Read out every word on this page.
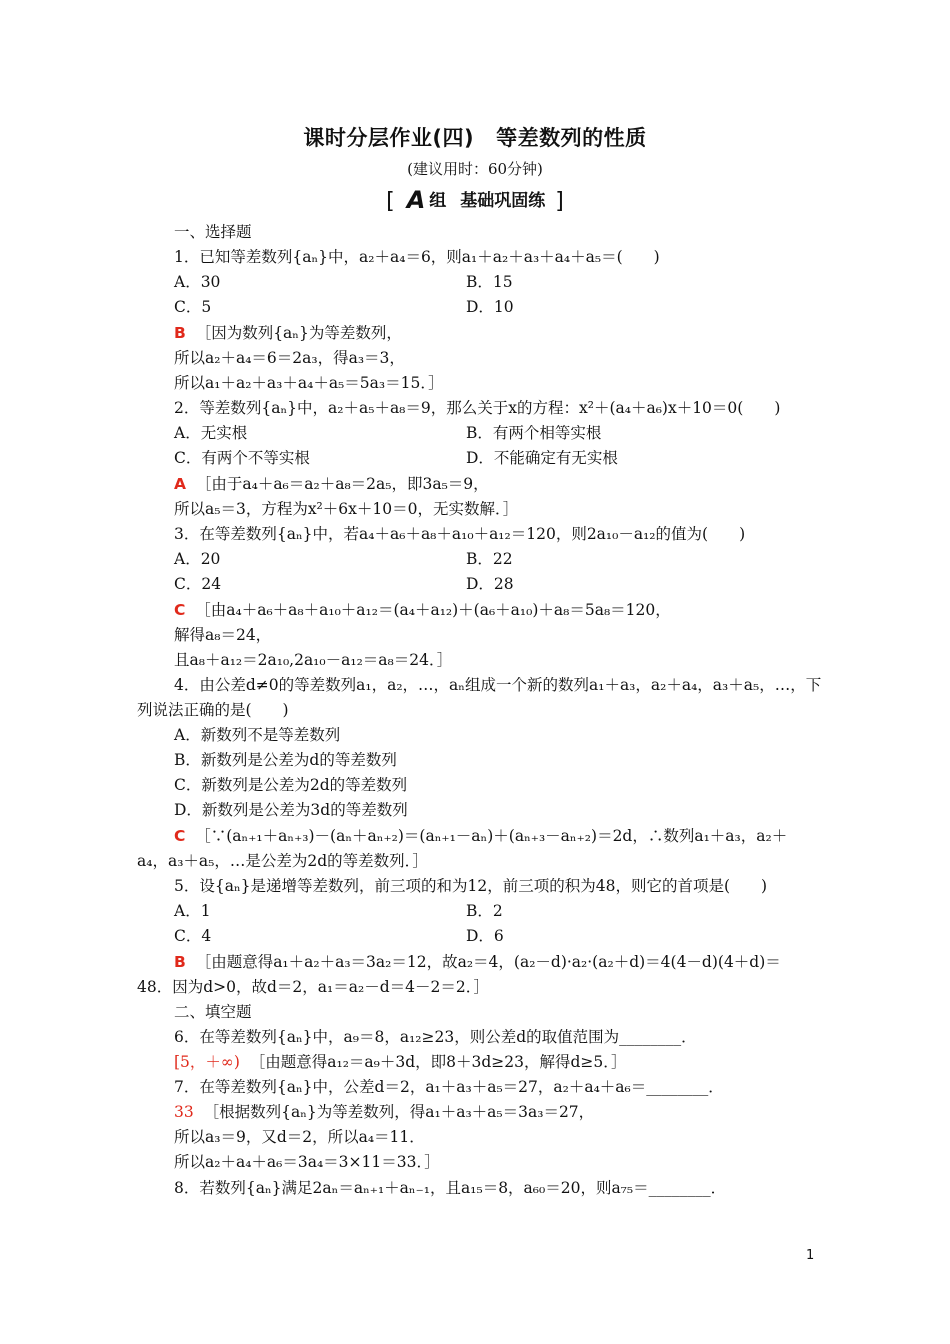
课时分层作业(四) 等差数列的性质
(建议用时：60分钟)
[ A 组 基础巩固练 ]
一、选择题
1．已知等差数列{aₙ}中，a₂＋a₄＝6，则a₁＋a₂＋a₃＋a₄＋a₅＝(　　)
A．30	B．15
C．5	D．10
B ［因为数列{aₙ}为等差数列，
所以a₂＋a₄＝6＝2a₃，得a₃＝3，
所以a₁＋a₂＋a₃＋a₄＋a₅＝5a₃＝15．］
2．等差数列{aₙ}中，a₂＋a₅＋a₈＝9，那么关于x的方程：x²＋(a₄＋a₆)x＋10＝0(　　)
A．无实根	B．有两个相等实根
C．有两个不等实根	D．不能确定有无实根
A ［由于a₄＋a₆＝a₂＋a₈＝2a₅，即3a₅＝9，
所以a₅＝3，方程为x²＋6x＋10＝0，无实数解．］
3．在等差数列{aₙ}中，若a₄＋a₆＋a₈＋a₁₀＋a₁₂＝120，则2a₁₀－a₁₂的值为(　　)
A．20	B．22
C．24	D．28
C ［由a₄＋a₆＋a₈＋a₁₀＋a₁₂＝(a₄＋a₁₂)＋(a₆＋a₁₀)＋a₈＝5a₈＝120，
解得a₈＝24，
且a₈＋a₁₂＝2a₁₀,2a₁₀－a₁₂＝a₈＝24．］
4．由公差d≠0的等差数列a₁，a₂，…，aₙ组成一个新的数列a₁＋a₃，a₂＋a₄，a₃＋a₅，…，下
列说法正确的是(　　)
A．新数列不是等差数列
B．新数列是公差为d的等差数列
C．新数列是公差为2d的等差数列
D．新数列是公差为3d的等差数列
C ［∵(aₙ₊₁＋aₙ₊₃)－(aₙ＋aₙ₊₂)＝(aₙ₊₁－aₙ)＋(aₙ₊₃－aₙ₊₂)＝2d，∴数列a₁＋a₃，a₂＋
a₄，a₃＋a₅，…是公差为2d的等差数列．］
5．设{aₙ}是递增等差数列，前三项的和为12，前三项的积为48，则它的首项是(　　)
A．1	B．2
C．4	D．6
B ［由题意得a₁＋a₂＋a₃＝3a₂＝12，故a₂＝4，(a₂－d)·a₂·(a₂＋d)＝4(4－d)(4＋d)＝
48．因为d>0，故d＝2，a₁＝a₂－d＝4－2＝2．］
二、填空题
6．在等差数列{aₙ}中，a₉＝8，a₁₂≥23，则公差d的取值范围为________．
[5，＋∞) ［由题意得a₁₂＝a₉＋3d，即8＋3d≥23，解得d≥5．］
7．在等差数列{aₙ}中，公差d＝2，a₁＋a₃＋a₅＝27，a₂＋a₄＋a₆＝________．
33 ［根据数列{aₙ}为等差数列，得a₁＋a₃＋a₅＝3a₃＝27，
所以a₃＝9，又d＝2，所以a₄＝11．
所以a₂＋a₄＋a₆＝3a₄＝3×11＝33．］
8．若数列{aₙ}满足2aₙ＝aₙ₊₁＋aₙ₋₁，且a₁₅＝8，a₆₀＝20，则a₇₅＝________．
1
